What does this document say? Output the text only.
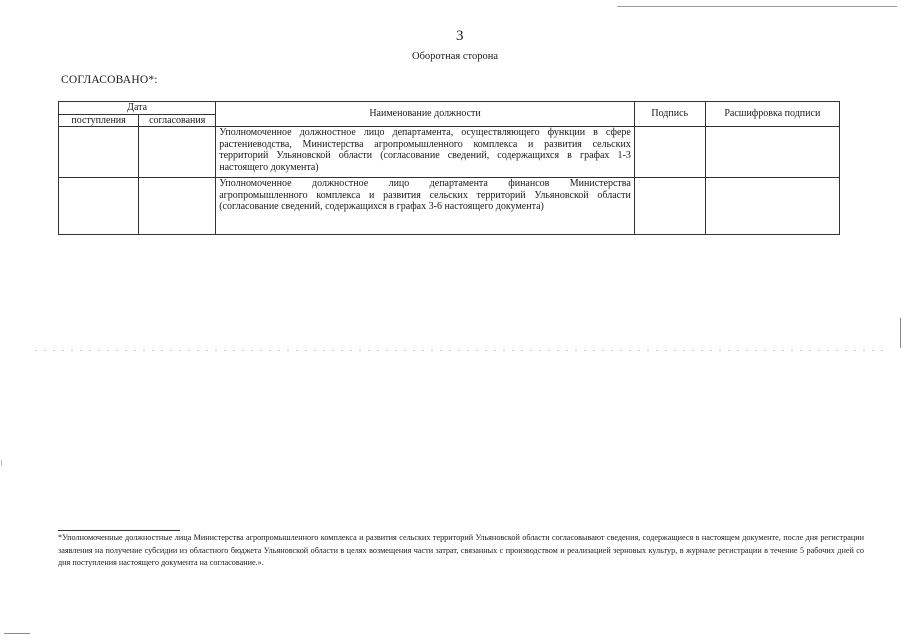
3
Оборотная сторона
СОГЛАСОВАНО*:
Дата		Наименование должности	Подпись	Расшифровка подписи
поступления	согласования			
		Уполномоченное должностное лицо департамента, осуществляющего функции в сфере растениеводства, Министерства агропромышленного комплекса и развития сельских территорий Ульяновской области (согласование сведений, содержащихся в графах 1-3 настоящего документа)		
		Уполномоченное должностное лицо департамента финансов Министерства агропромышленного комплекса и развития сельских территорий Ульяновской области (согласование сведений, содержащихся в графах 3-6 настоящего документа)		
*Уполномоченные должностные лица Министерства агропромышленного комплекса и развития сельских территорий Ульяновской области согласовывают сведения, содержащиеся в настоящем документе, после дня регистрации заявления на получение субсидии из областного бюджета Ульяновской области в целях возмещения части затрат, связанных с производством и реализацией зерновых культур, в журнале регистрации в течение 5 рабочих дней со дня поступления настоящего документа на согласование.».
